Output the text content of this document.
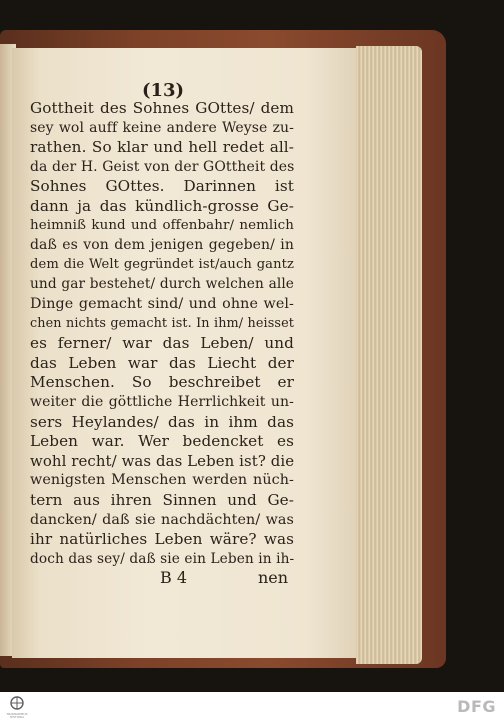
(13)
Gottheit des Sohnes GOttes/ dem
sey wol auff keine andere Weyse zu-
rathen. So klar und hell redet all-
da der H. Geist von der GOttheit des
Sohnes GOttes. Darinnen ist
dann ja das kündlich-grosse Ge-
heimniß kund und offenbahr/ nemlich
daß es von dem jenigen gegeben/ in
dem die Welt gegründet ist/auch gantz
und gar bestehet/ durch welchen alle
Dinge gemacht sind/ und ohne wel-
chen nichts gemacht ist. In ihm/ heisset
es ferner/ war das Leben/ und
das Leben war das Liecht der
Menschen. So beschreibet er
weiter die göttliche Herrlichkeit un-
sers Heylandes/ das in ihm das
Leben war. Wer bedencket es
wohl recht/ was das Leben ist? die
wenigsten Menschen werden nüch-
tern aus ihren Sinnen und Ge-
dancken/ daß sie nachdächten/ was
ihr natürliches Leben wäre? was
doch das sey/ daß sie ein Leben in ih-
B 4	nen
TRANSKRIBUS HISTORIA
DFG
